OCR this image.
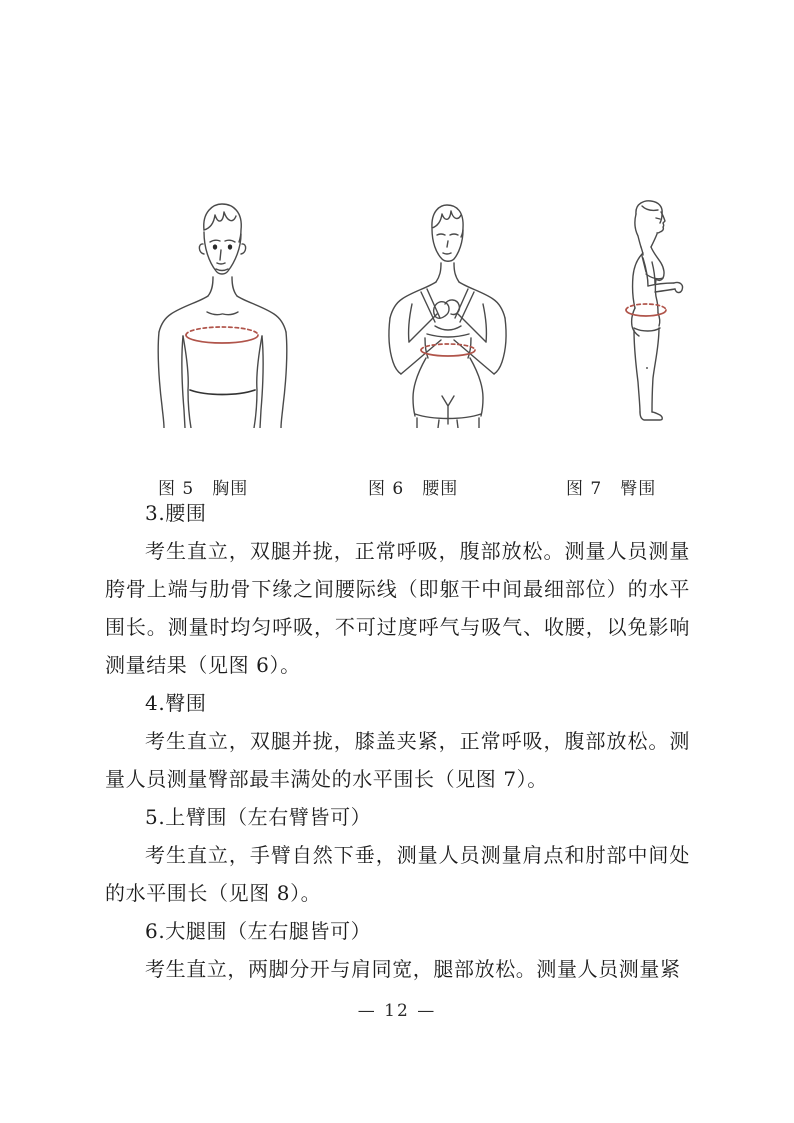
图 5　胸围	图 6　腰围	图 7　臀围

3.腰围

考生直立，双腿并拢，正常呼吸，腹部放松。测量人员测量胯骨上端与肋骨下缘之间腰际线（即躯干中间最细部位）的水平围长。测量时均匀呼吸，不可过度呼气与吸气、收腰，以免影响测量结果（见图 6）。

4.臀围

考生直立，双腿并拢，膝盖夹紧，正常呼吸，腹部放松。测量人员测量臀部最丰满处的水平围长（见图 7）。

5.上臂围（左右臂皆可）

考生直立，手臂自然下垂，测量人员测量肩点和肘部中间处的水平围长（见图 8）。

6.大腿围（左右腿皆可）

考生直立，两脚分开与肩同宽，腿部放松。测量人员测量紧

— 12 —
